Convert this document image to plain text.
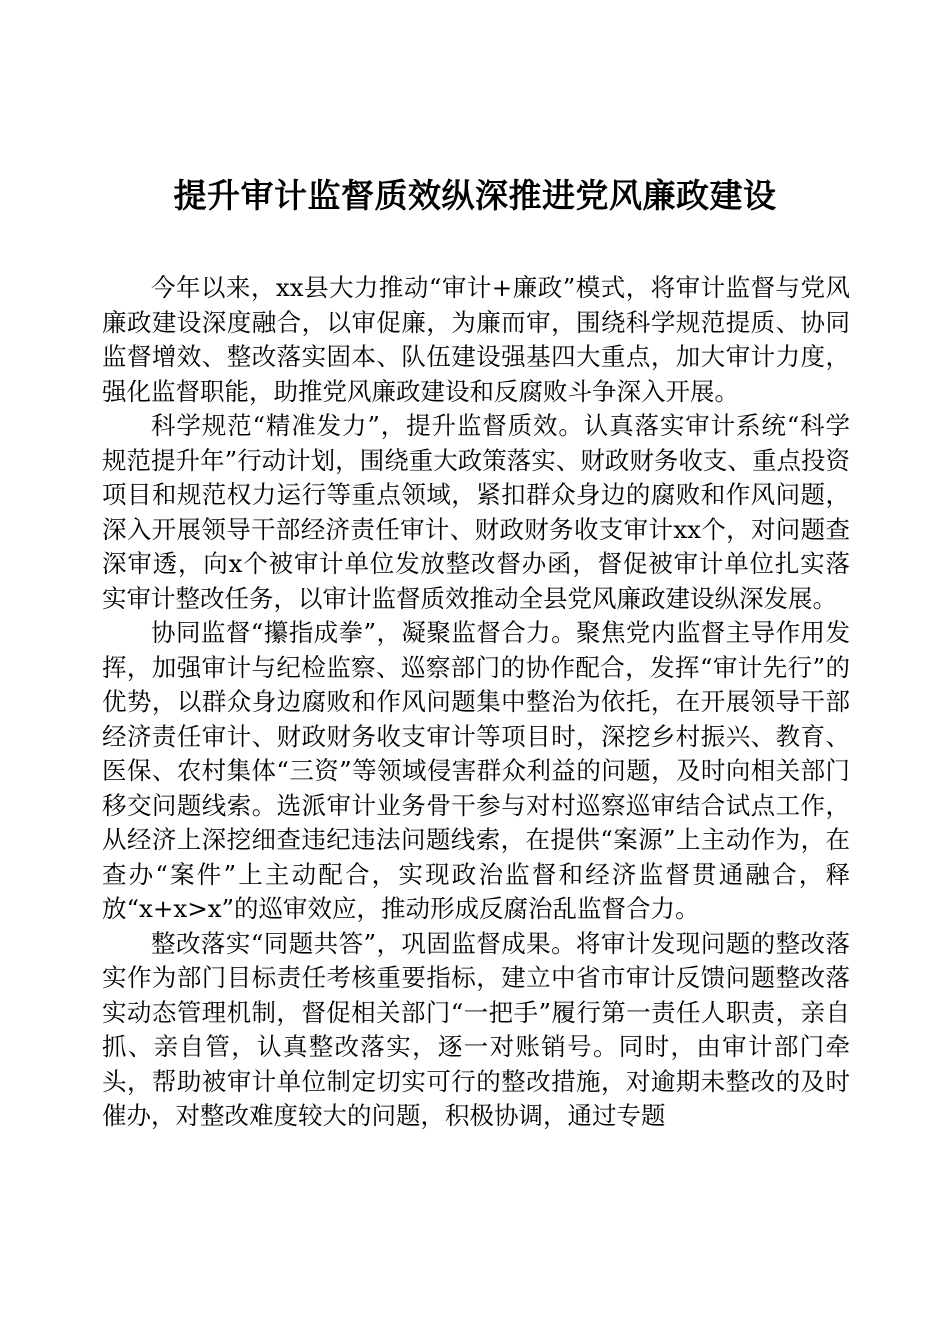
提升审计监督质效纵深推进党风廉政建设

今年以来，xx县大力推动“审计+廉政”模式，将审计监督与党风廉政建设深度融合，以审促廉，为廉而审，围绕科学规范提质、协同监督增效、整改落实固本、队伍建设强基四大重点，加大审计力度，强化监督职能，助推党风廉政建设和反腐败斗争深入开展。

科学规范“精准发力”，提升监督质效。认真落实审计系统“科学规范提升年”行动计划，围绕重大政策落实、财政财务收支、重点投资项目和规范权力运行等重点领域，紧扣群众身边的腐败和作风问题，深入开展领导干部经济责任审计、财政财务收支审计xx个，对问题查深审透，向x个被审计单位发放整改督办函，督促被审计单位扎实落实审计整改任务，以审计监督质效推动全县党风廉政建设纵深发展。

协同监督“攥指成拳”，凝聚监督合力。聚焦党内监督主导作用发挥，加强审计与纪检监察、巡察部门的协作配合，发挥“审计先行”的优势，以群众身边腐败和作风问题集中整治为依托，在开展领导干部经济责任审计、财政财务收支审计等项目时，深挖乡村振兴、教育、医保、农村集体“三资”等领域侵害群众利益的问题，及时向相关部门移交问题线索。选派审计业务骨干参与对村巡察巡审结合试点工作，从经济上深挖细查违纪违法问题线索，在提供“案源”上主动作为，在查办“案件”上主动配合，实现政治监督和经济监督贯通融合，释放“x+x>x”的巡审效应，推动形成反腐治乱监督合力。

整改落实“同题共答”，巩固监督成果。将审计发现问题的整改落实作为部门目标责任考核重要指标，建立中省市审计反馈问题整改落实动态管理机制，督促相关部门“一把手”履行第一责任人职责，亲自抓、亲自管，认真整改落实，逐一对账销号。同时，由审计部门牵头，帮助被审计单位制定切实可行的整改措施，对逾期未整改的及时催办，对整改难度较大的问题，积极协调，通过专题
